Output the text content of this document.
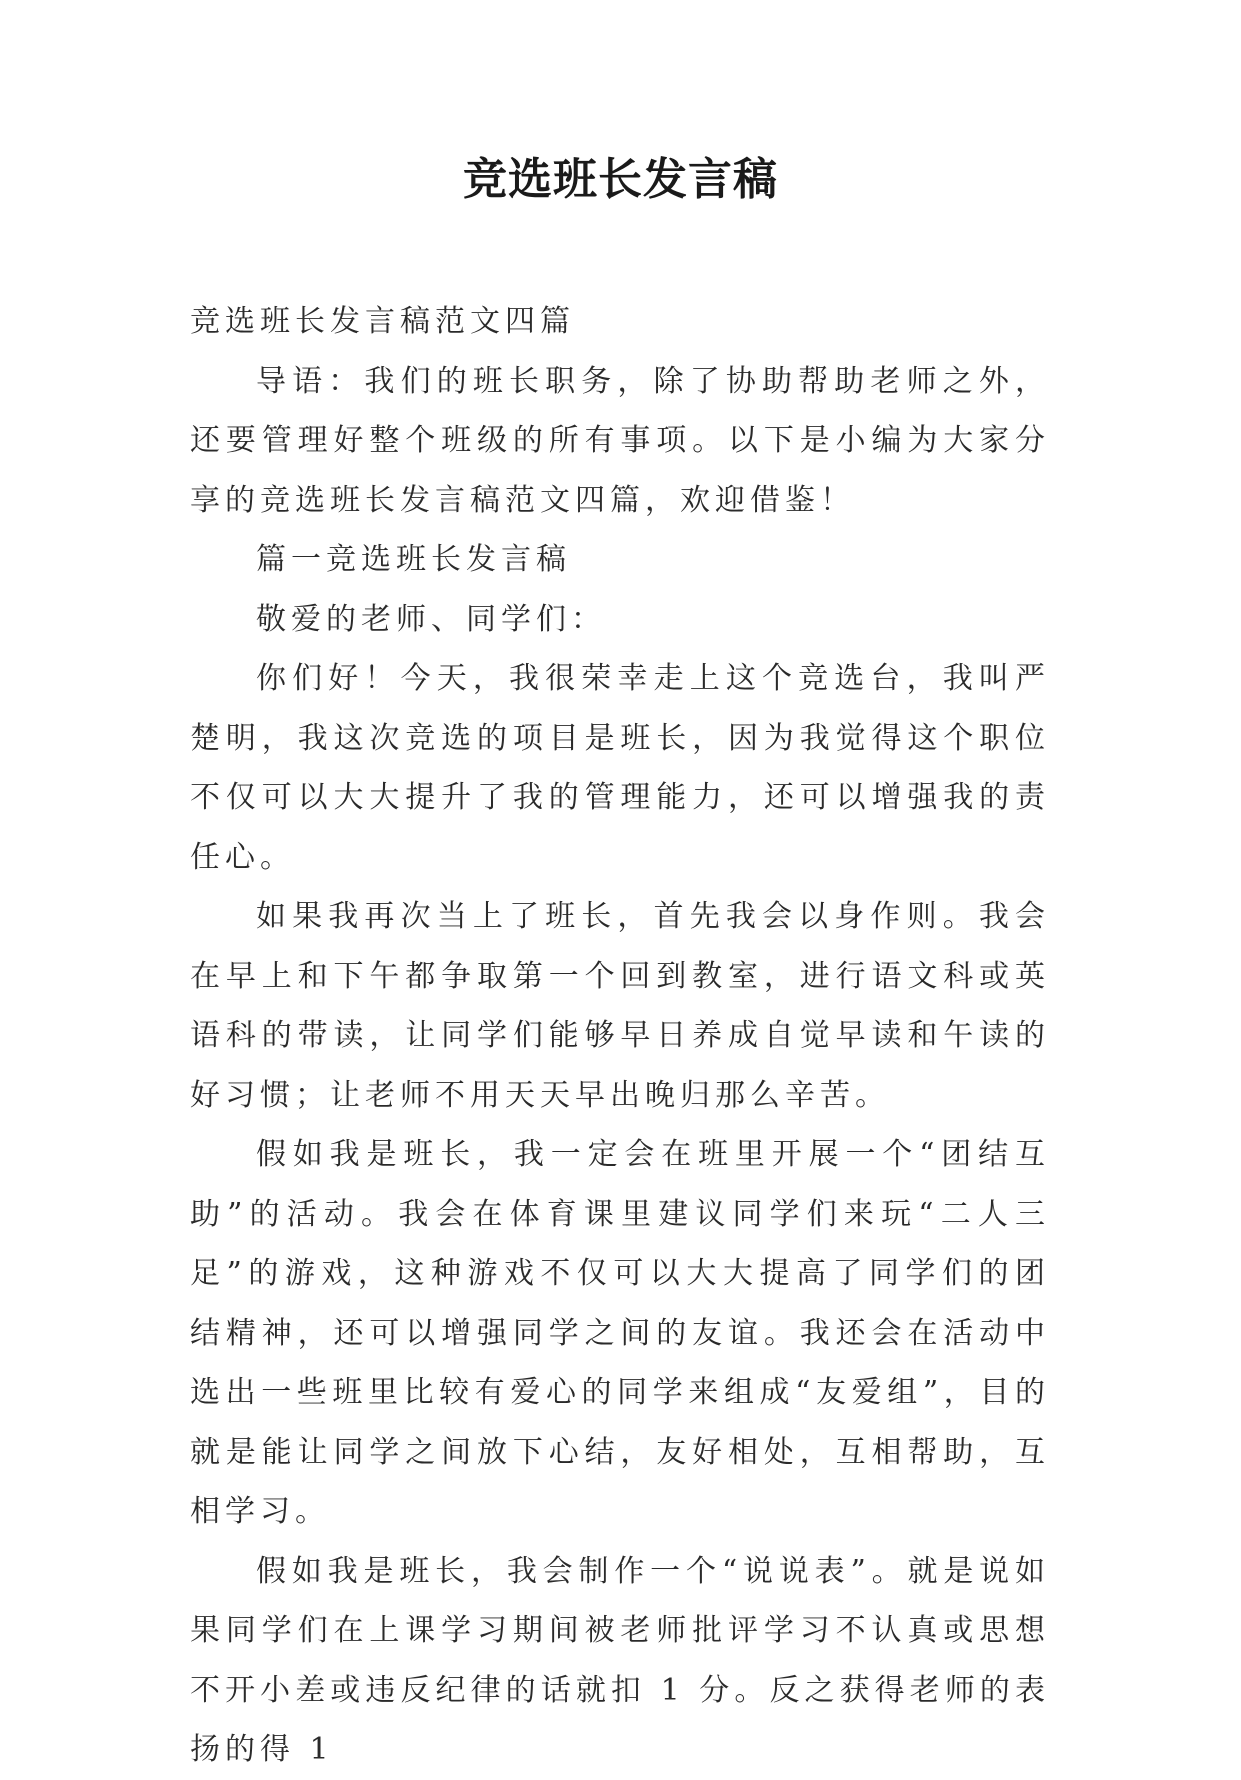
竞选班长发言稿

竞选班长发言稿范文四篇

导语：我们的班长职务，除了协助帮助老师之外，还要管理好整个班级的所有事项。以下是小编为大家分享的竞选班长发言稿范文四篇，欢迎借鉴！

篇一竞选班长发言稿

敬爱的老师、同学们：

你们好！今天，我很荣幸走上这个竞选台，我叫严楚明，我这次竞选的项目是班长，因为我觉得这个职位不仅可以大大提升了我的管理能力，还可以增强我的责任心。

如果我再次当上了班长，首先我会以身作则。我会在早上和下午都争取第一个回到教室，进行语文科或英语科的带读，让同学们能够早日养成自觉早读和午读的好习惯；让老师不用天天早出晚归那么辛苦。

假如我是班长，我一定会在班里开展一个“团结互助”的活动。我会在体育课里建议同学们来玩“二人三足”的游戏，这种游戏不仅可以大大提高了同学们的团结精神，还可以增强同学之间的友谊。我还会在活动中选出一些班里比较有爱心的同学来组成“友爱组”，目的就是能让同学之间放下心结，友好相处，互相帮助，互相学习。

假如我是班长，我会制作一个“说说表”。就是说如果同学们在上课学习期间被老师批评学习不认真或思想不开小差或违反纪律的话就扣 1 分。反之获得老师的表扬的得 1
